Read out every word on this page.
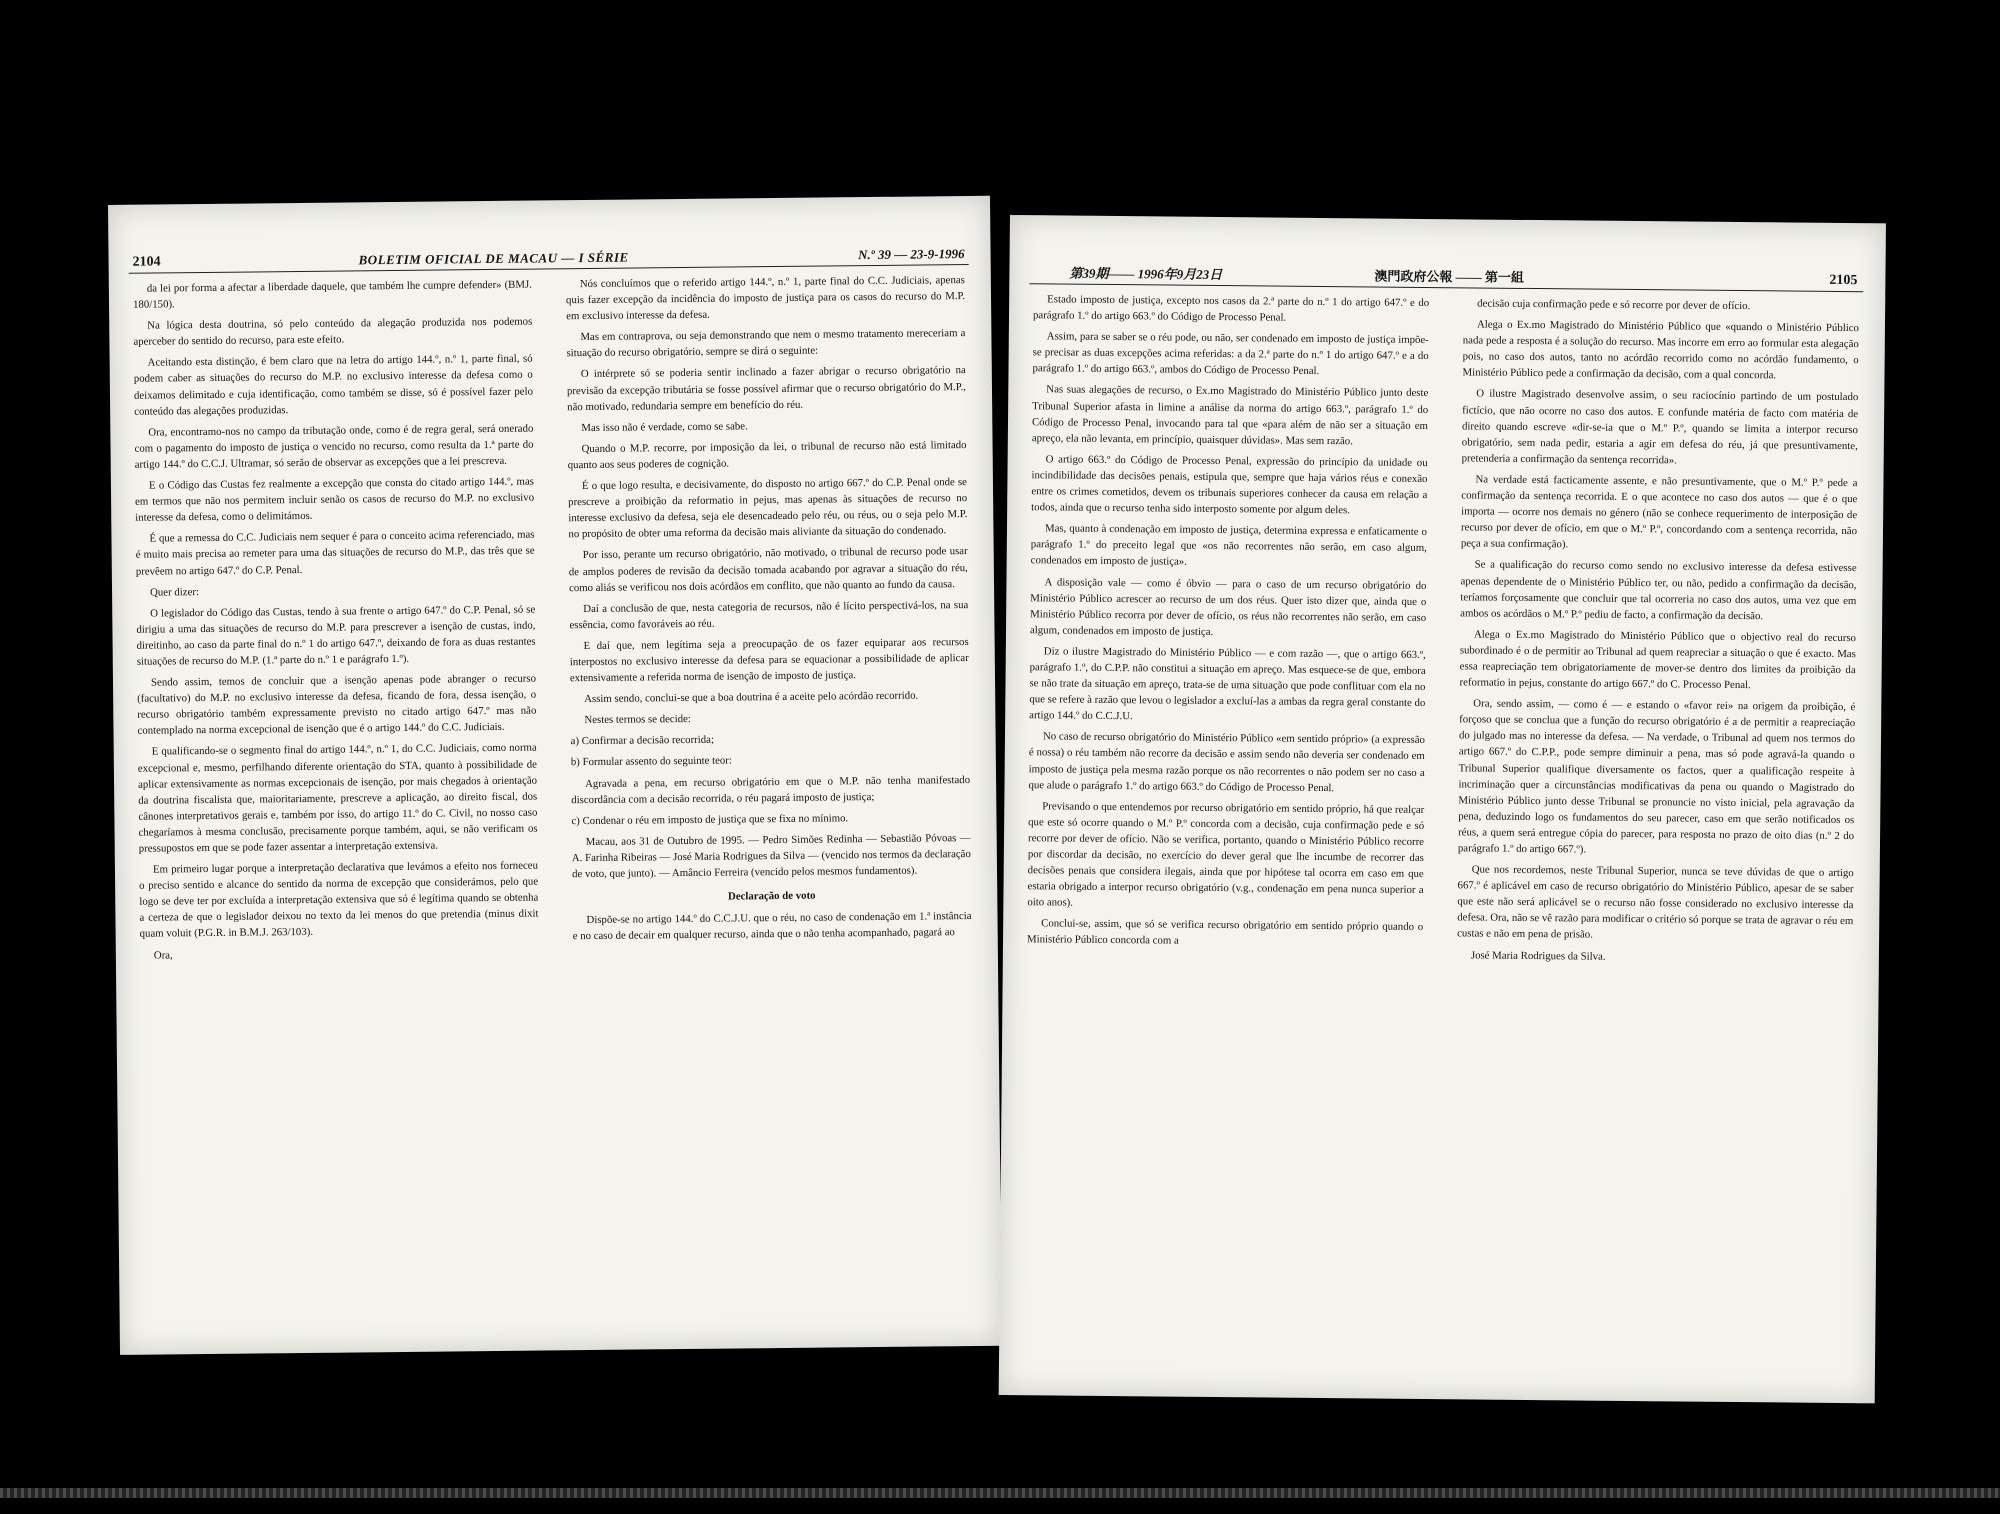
2104	BOLETIM OFICIAL DE MACAU — I SÉRIE	N.º 39 — 23-9-1996

da lei por forma a afectar a liberdade daquele, que também lhe cumpre defender» (BMJ. 180/150).

Na lógica desta doutrina, só pelo conteúdo da alegação produzida nos podemos aperceber do sentido do recurso, para este efeito.

Aceitando esta distinção, é bem claro que na letra do artigo 144.º, n.º 1, parte final, só podem caber as situações do recurso do M.P. no exclusivo interesse da defesa como o deixamos delimitado e cuja identificação, como também se disse, só é possível fazer pelo conteúdo das alegações produzidas.

Ora, encontramo-nos no campo da tributação onde, como é de regra geral, será onerado com o pagamento do imposto de justiça o vencido no recurso, como resulta da 1.ª parte do artigo 144.º do C.C.J. Ultramar, só serão de observar as excepções que a lei prescreva.

E o Código das Custas fez realmente a excepção que consta do citado artigo 144.º, mas em termos que não nos permitem incluir senão os casos de recurso do M.P. no exclusivo interesse da defesa, como o delimitámos.

É que a remessa do C.C. Judiciais nem sequer é para o conceito acima referenciado, mas é muito mais precisa ao remeter para uma das situações de recurso do M.P., das três que se prevêem no artigo 647.º do C.P. Penal.

Quer dizer:

O legislador do Código das Custas, tendo à sua frente o artigo 647.º do C.P. Penal, só se dirigiu a uma das situações de recurso do M.P. para prescrever a isenção de custas, indo, direitinho, ao caso da parte final do n.º 1 do artigo 647.º, deixando de fora as duas restantes situações de recurso do M.P. (1.ª parte do n.º 1 e parágrafo 1.º).

Sendo assim, temos de concluir que a isenção apenas pode abranger o recurso (facultativo) do M.P. no exclusivo interesse da defesa, ficando de fora, dessa isenção, o recurso obrigatório também expressamente previsto no citado artigo 647.º mas não contemplado na norma excepcional de isenção que é o artigo 144.º do C.C. Judiciais.

E qualificando-se o segmento final do artigo 144.º, n.º 1, do C.C. Judiciais, como norma excepcional e, mesmo, perfilhando diferente orientação do STA, quanto à possibilidade de aplicar extensivamente as normas excepcionais de isenção, por mais chegados à orientação da doutrina fiscalista que, maioritariamente, prescreve a aplicação, ao direito fiscal, dos cânones interpretativos gerais e, também por isso, do artigo 11.º do C. Civil, no nosso caso chegaríamos à mesma conclusão, precisamente porque também, aqui, se não verificam os pressupostos em que se pode fazer assentar a interpretação extensiva.

Em primeiro lugar porque a interpretação declarativa que levámos a efeito nos forneceu o preciso sentido e alcance do sentido da norma de excepção que considerámos, pelo que logo se deve ter por excluída a interpretação extensiva que só é legítima quando se obtenha a certeza de que o legislador deixou no texto da lei menos do que pretendia (minus dixit quam voluit (P.G.R. in B.M.J. 263/103).

Ora,

Nós concluímos que o referido artigo 144.º, n.º 1, parte final do C.C. Judiciais, apenas quis fazer excepção da incidência do imposto de justiça para os casos do recurso do M.P. em exclusivo interesse da defesa.

Mas em contraprova, ou seja demonstrando que nem o mesmo tratamento mereceriam a situação do recurso obrigatório, sempre se dirá o seguinte:

O intérprete só se poderia sentir inclinado a fazer abrigar o recurso obrigatório na previsão da excepção tributária se fosse possível afirmar que o recurso obrigatório do M.P., não motivado, redundaria sempre em benefício do réu.

Mas isso não é verdade, como se sabe.

Quando o M.P. recorre, por imposição da lei, o tribunal de recurso não está limitado quanto aos seus poderes de cognição.

É o que logo resulta, e decisivamente, do disposto no artigo 667.º do C.P. Penal onde se prescreve a proibição da reformatio in pejus, mas apenas às situações de recurso no interesse exclusivo da defesa, seja ele desencadeado pelo réu, ou réus, ou o seja pelo M.P. no propósito de obter uma reforma da decisão mais aliviante da situação do condenado.

Por isso, perante um recurso obrigatório, não motivado, o tribunal de recurso pode usar de amplos poderes de revisão da decisão tomada acabando por agravar a situação do réu, como aliás se verificou nos dois acórdãos em conflito, que não quanto ao fundo da causa.

Daí a conclusão de que, nesta categoria de recursos, não é lícito perspectivá-los, na sua essência, como favoráveis ao réu.

E daí que, nem legítima seja a preocupação de os fazer equiparar aos recursos interpostos no exclusivo interesse da defesa para se equacionar a possibilidade de aplicar extensivamente a referida norma de isenção de imposto de justiça.

Assim sendo, conclui-se que a boa doutrina é a aceite pelo acórdão recorrido.

Nestes termos se decide:

a) Confirmar a decisão recorrida;

b) Formular assento do seguinte teor:

Agravada a pena, em recurso obrigatório em que o M.P. não tenha manifestado discordância com a decisão recorrida, o réu pagará imposto de justiça;

c) Condenar o réu em imposto de justiça que se fixa no mínimo.

Macau, aos 31 de Outubro de 1995. — Pedro Simões Redinha — Sebastião Póvoas — A. Farinha Ribeiras — José Maria Rodrigues da Silva — (vencido nos termos da declaração de voto, que junto). — Amâncio Ferreira (vencido pelos mesmos fundamentos).

Declaração de voto

Dispõe-se no artigo 144.º do C.C.J.U. que o réu, no caso de condenação em 1.ª instância e no caso de decair em qualquer recurso, ainda que o não tenha acompanhado, pagará ao

第39期—— 1996年9月23日	澳門政府公報 —— 第一組	2105

Estado imposto de justiça, excepto nos casos da 2.ª parte do n.º 1 do artigo 647.º e do parágrafo 1.º do artigo 663.º do Código de Processo Penal.

Assim, para se saber se o réu pode, ou não, ser condenado em imposto de justiça impõe-se precisar as duas excepções acima referidas: a da 2.ª parte do n.º 1 do artigo 647.º e a do parágrafo 1.º do artigo 663.º, ambos do Código de Processo Penal.

Nas suas alegações de recurso, o Ex.mo Magistrado do Ministério Público junto deste Tribunal Superior afasta in limine a análise da norma do artigo 663.º, parágrafo 1.º do Código de Processo Penal, invocando para tal que «para além de não ser a situação em apreço, ela não levanta, em princípio, quaisquer dúvidas». Mas sem razão.

O artigo 663.º do Código de Processo Penal, expressão do princípio da unidade ou incindibilidade das decisões penais, estipula que, sempre que haja vários réus e conexão entre os crimes cometidos, devem os tribunais superiores conhecer da causa em relação a todos, ainda que o recurso tenha sido interposto somente por algum deles.

Mas, quanto à condenação em imposto de justiça, determina expressa e enfaticamente o parágrafo 1.º do preceito legal que «os não recorrentes não serão, em caso algum, condenados em imposto de justiça».

A disposição vale — como é óbvio — para o caso de um recurso obrigatório do Ministério Público acrescer ao recurso de um dos réus. Quer isto dizer que, ainda que o Ministério Público recorra por dever de ofício, os réus não recorrentes não serão, em caso algum, condenados em imposto de justiça.

Diz o ilustre Magistrado do Ministério Público — e com razão —, que o artigo 663.º, parágrafo 1.º, do C.P.P. não constitui a situação em apreço. Mas esquece-se de que, embora se não trate da situação em apreço, trata-se de uma situação que pode conflituar com ela no que se refere à razão que levou o legislador a excluí-las a ambas da regra geral constante do artigo 144.º do C.C.J.U.

No caso de recurso obrigatório do Ministério Público «em sentido próprio» (a expressão é nossa) o réu também não recorre da decisão e assim sendo não deveria ser condenado em imposto de justiça pela mesma razão porque os não recorrentes o não podem ser no caso a que alude o parágrafo 1.º do artigo 663.º do Código de Processo Penal.

Previsando o que entendemos por recurso obrigatório em sentido próprio, há que realçar que este só ocorre quando o M.º P.º concorda com a decisão, cuja confirmação pede e só recorre por dever de ofício. Não se verifica, portanto, quando o Ministério Público recorre por discordar da decisão, no exercício do dever geral que lhe incumbe de recorrer das decisões penais que considera ilegais, ainda que por hipótese tal ocorra em caso em que estaria obrigado a interpor recurso obrigatório (v.g., condenação em pena nunca superior a oito anos).

Conclui-se, assim, que só se verifica recurso obrigatório em sentido próprio quando o Ministério Público concorda com a

decisão cuja confirmação pede e só recorre por dever de ofício.

Alega o Ex.mo Magistrado do Ministério Público que «quando o Ministério Público nada pede a resposta é a solução do recurso. Mas incorre em erro ao formular esta alegação pois, no caso dos autos, tanto no acórdão recorrido como no acórdão fundamento, o Ministério Público pede a confirmação da decisão, com a qual concorda.

O ilustre Magistrado desenvolve assim, o seu raciocínio partindo de um postulado fictício, que não ocorre no caso dos autos. E confunde matéria de facto com matéria de direito quando escreve «dir-se-ia que o M.º P.º, quando se limita a interpor recurso obrigatório, sem nada pedir, estaria a agir em defesa do réu, já que presuntivamente, pretenderia a confirmação da sentença recorrida».

Na verdade está facticamente assente, e não presuntivamente, que o M.º P.º pede a confirmação da sentença recorrida. E o que acontece no caso dos autos — que é o que importa — ocorre nos demais no género (não se conhece requerimento de interposição de recurso por dever de ofício, em que o M.º P.º, concordando com a sentença recorrida, não peça a sua confirmação).

Se a qualificação do recurso como sendo no exclusivo interesse da defesa estivesse apenas dependente de o Ministério Público ter, ou não, pedido a confirmação da decisão, teríamos forçosamente que concluir que tal ocorreria no caso dos autos, uma vez que em ambos os acórdãos o M.º P.º pediu de facto, a confirmação da decisão.

Alega o Ex.mo Magistrado do Ministério Público que o objectivo real do recurso subordinado é o de permitir ao Tribunal ad quem reapreciar a situação o que é exacto. Mas essa reapreciação tem obrigatoriamente de mover-se dentro dos limites da proibição da reformatio in pejus, constante do artigo 667.º do C. Processo Penal.

Ora, sendo assim, — como é — e estando o «favor rei» na origem da proibição, é forçoso que se conclua que a função do recurso obrigatório é a de permitir a reapreciação do julgado mas no interesse da defesa. — Na verdade, o Tribunal ad quem nos termos do artigo 667.º do C.P.P., pode sempre diminuir a pena, mas só pode agravá-la quando o Tribunal Superior qualifique diversamente os factos, quer a qualificação respeite à incriminação quer a circunstâncias modificativas da pena ou quando o Magistrado do Ministério Público junto desse Tribunal se pronuncie no visto inicial, pela agravação da pena, deduzindo logo os fundamentos do seu parecer, caso em que serão notificados os réus, a quem será entregue cópia do parecer, para resposta no prazo de oito dias (n.º 2 do parágrafo 1.º do artigo 667.º).

Que nos recordemos, neste Tribunal Superior, nunca se teve dúvidas de que o artigo 667.º é aplicável em caso de recurso obrigatório do Ministério Público, apesar de se saber que este não será aplicável se o recurso não fosse considerado no exclusivo interesse da defesa. Ora, não se vê razão para modificar o critério só porque se trata de agravar o réu em custas e não em pena de prisão.

José Maria Rodrigues da Silva.
